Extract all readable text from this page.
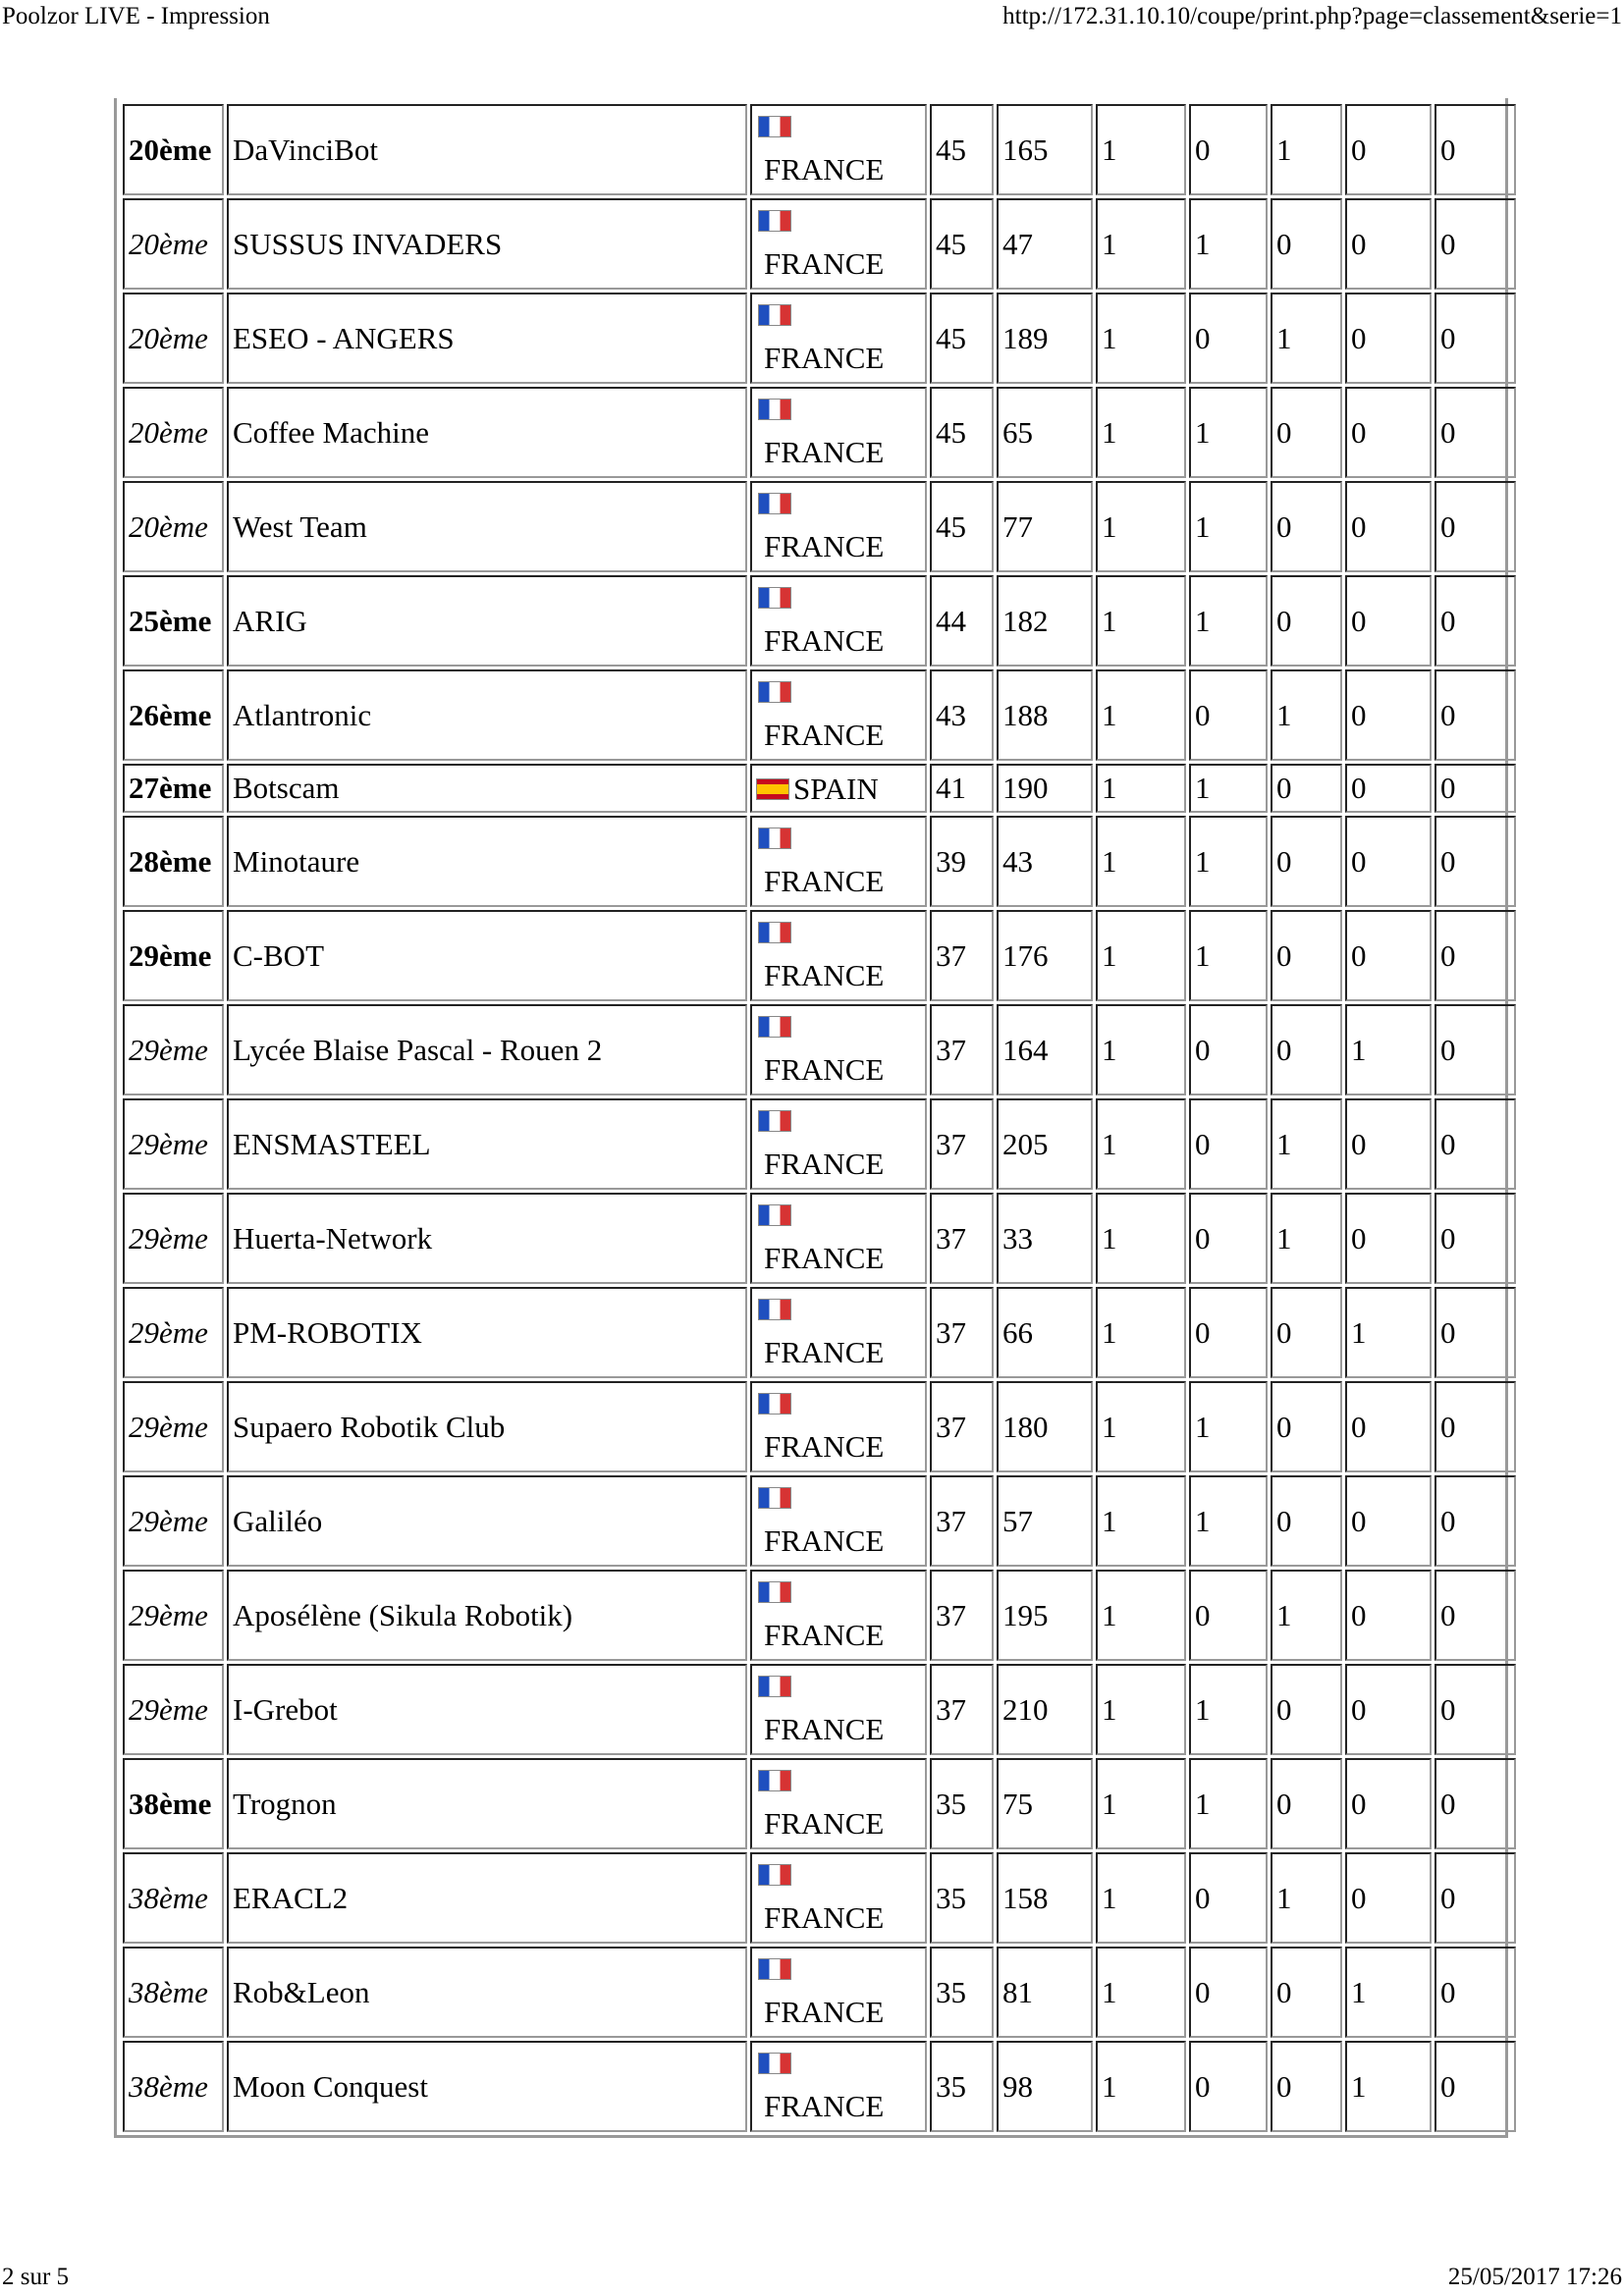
Poolzor LIVE - Impression	http://172.31.10.10/coupe/print.php?page=classement&serie=1
20ème	DaVinciBot	FRANCE	45	165	1	0	1	0	0
20ème	SUSSUS INVADERS	FRANCE	45	47	1	1	0	0	0
20ème	ESEO - ANGERS	FRANCE	45	189	1	0	1	0	0
20ème	Coffee Machine	FRANCE	45	65	1	1	0	0	0
20ème	West Team	FRANCE	45	77	1	1	0	0	0
25ème	ARIG	FRANCE	44	182	1	1	0	0	0
26ème	Atlantronic	FRANCE	43	188	1	0	1	0	0
27ème	Botscam	SPAIN	41	190	1	1	0	0	0
28ème	Minotaure	FRANCE	39	43	1	1	0	0	0
29ème	C-BOT	FRANCE	37	176	1	1	0	0	0
29ème	Lycée Blaise Pascal - Rouen 2	FRANCE	37	164	1	0	0	1	0
29ème	ENSMASTEEL	FRANCE	37	205	1	0	1	0	0
29ème	Huerta-Network	FRANCE	37	33	1	0	1	0	0
29ème	PM-ROBOTIX	FRANCE	37	66	1	0	0	1	0
29ème	Supaero Robotik Club	FRANCE	37	180	1	1	0	0	0
29ème	Galiléo	FRANCE	37	57	1	1	0	0	0
29ème	Aposélène (Sikula Robotik)	FRANCE	37	195	1	0	1	0	0
29ème	I-Grebot	FRANCE	37	210	1	1	0	0	0
38ème	Trognon	FRANCE	35	75	1	1	0	0	0
38ème	ERACL2	FRANCE	35	158	1	0	1	0	0
38ème	Rob&Leon	FRANCE	35	81	1	0	0	1	0
38ème	Moon Conquest	FRANCE	35	98	1	0	0	1	0
2 sur 5	25/05/2017 17:26
